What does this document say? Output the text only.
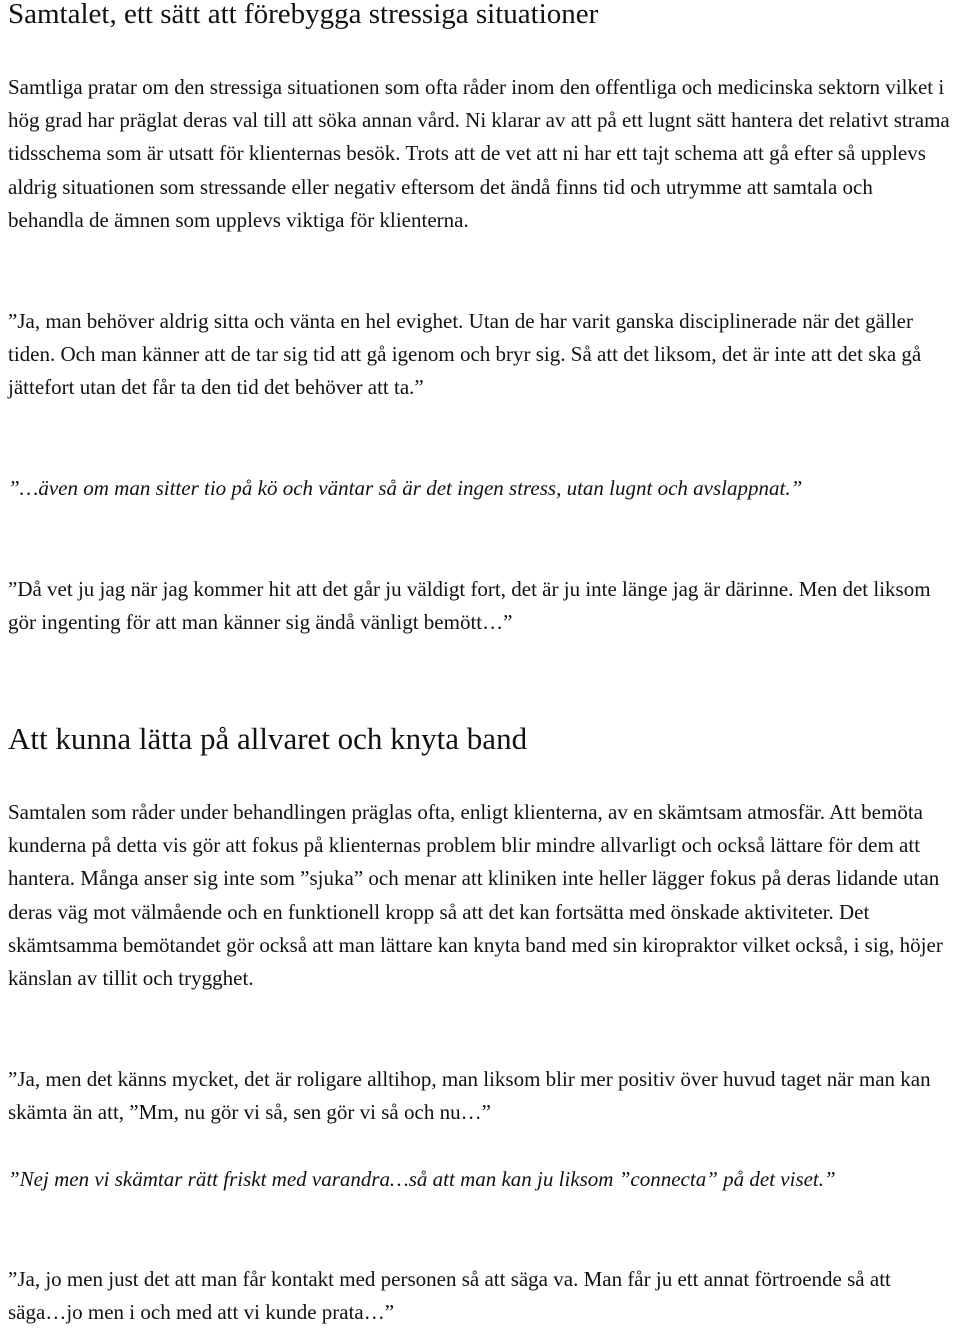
Samtalet, ett sätt att förebygga stressiga situationer

Samtliga pratar om den stressiga situationen som ofta råder inom den offentliga och medicinska sektorn vilket i hög grad har präglat deras val till att söka annan vård. Ni klarar av att på ett lugnt sätt hantera det relativt strama tidsschema som är utsatt för klienternas besök. Trots att de vet att ni har ett tajt schema att gå efter så upplevs aldrig situationen som stressande eller negativ eftersom det ändå finns tid och utrymme att samtala och behandla de ämnen som upplevs viktiga för klienterna.

”Ja, man behöver aldrig sitta och vänta en hel evighet. Utan de har varit ganska disciplinerade när det gäller tiden. Och man känner att de tar sig tid att gå igenom och bryr sig. Så att det liksom, det är inte att det ska gå jättefort utan det får ta den tid det behöver att ta.”

”…även om man sitter tio på kö och väntar så är det ingen stress, utan lugnt och avslappnat.”

”Då vet ju jag när jag kommer hit att det går ju väldigt fort, det är ju inte länge jag är därinne. Men det liksom gör ingenting för att man känner sig ändå vänligt bemött…”

Att kunna lätta på allvaret och knyta band

Samtalen som råder under behandlingen präglas ofta, enligt klienterna, av en skämtsam atmosfär. Att bemöta kunderna på detta vis gör att fokus på klienternas problem blir mindre allvarligt och också lättare för dem att hantera. Många anser sig inte som ”sjuka” och menar att kliniken inte heller lägger fokus på deras lidande utan deras väg mot välmående och en funktionell kropp så att det kan fortsätta med önskade aktiviteter. Det skämtsamma bemötandet gör också att man lättare kan knyta band med sin kiropraktor vilket också, i sig, höjer känslan av tillit och trygghet.

”Ja, men det känns mycket, det är roligare alltihop, man liksom blir mer positiv över huvud taget när man kan skämta än att, ”Mm, nu gör vi så, sen gör vi så och nu…”

”Nej men vi skämtar rätt friskt med varandra…så att man kan ju liksom ”connecta” på det viset.”

”Ja, jo men just det att man får kontakt med personen så att säga va. Man får ju ett annat förtroende så att säga…jo men i och med att vi kunde prata…”
